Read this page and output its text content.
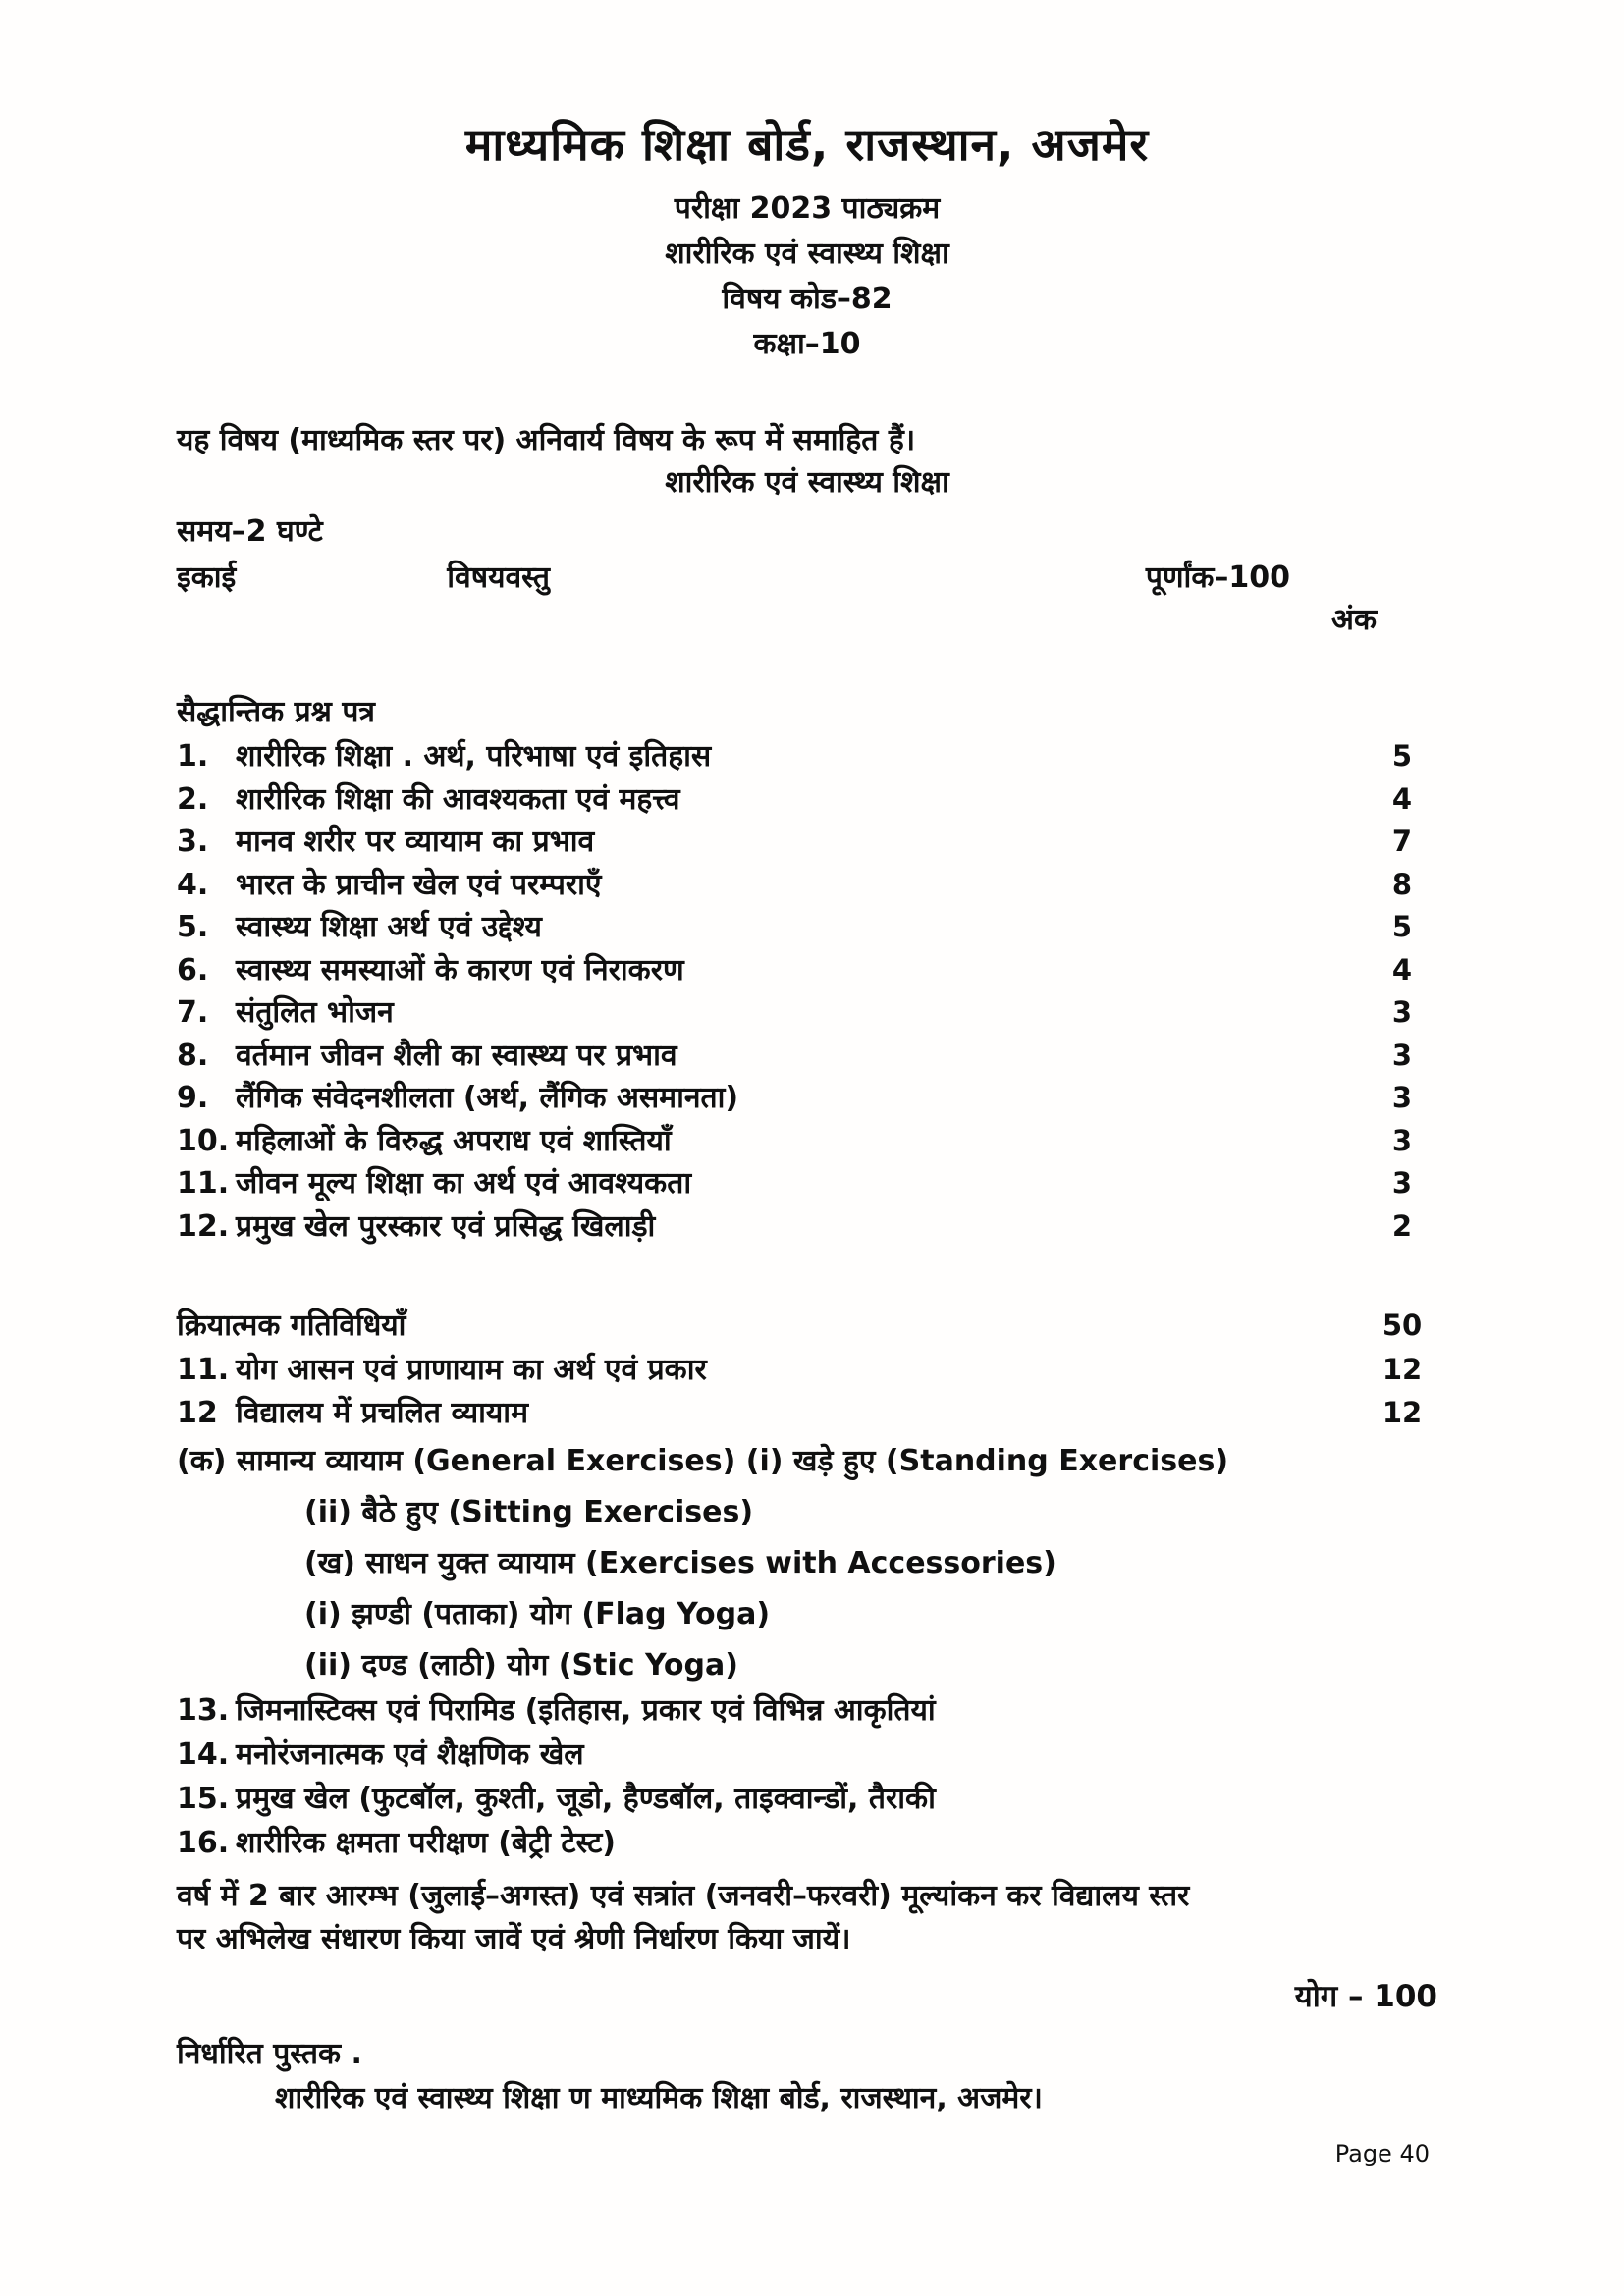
माध्यमिक शिक्षा बोर्ड, राजस्थान, अजमेर
परीक्षा 2023 पाठ्यक्रम
शारीरिक एवं स्वास्थ्य शिक्षा
विषय कोड–82
कक्षा–10
यह विषय (माध्यमिक स्तर पर) अनिवार्य विषय के रूप में समाहित हैं।
शारीरिक एवं स्वास्थ्य शिक्षा
समय–2 घण्टे
इकाई	विषयवस्तु	पूर्णांक–100
अंक
सैद्धान्तिक प्रश्न पत्र
1. शारीरिक शिक्षा . अर्थ, परिभाषा एवं इतिहास	5
2. शारीरिक शिक्षा की आवश्यकता एवं महत्त्व	4
3. मानव शरीर पर व्यायाम का प्रभाव	7
4. भारत के प्राचीन खेल एवं परम्पराएँ	8
5. स्वास्थ्य शिक्षा अर्थ एवं उद्देश्य	5
6. स्वास्थ्य समस्याओं के कारण एवं निराकरण	4
7. संतुलित भोजन	3
8. वर्तमान जीवन शैली का स्वास्थ्य पर प्रभाव	3
9. लैंगिक संवेदनशीलता (अर्थ, लैंगिक असमानता)	3
10. महिलाओं के विरुद्ध अपराध एवं शास्तियाँ	3
11. जीवन मूल्य शिक्षा का अर्थ एवं आवश्यकता	3
12. प्रमुख खेल पुरस्कार एवं प्रसिद्ध खिलाड़ी	2
क्रियात्मक गतिविधियाँ	50
11. योग आसन एवं प्राणायाम का अर्थ एवं प्रकार	12
12 विद्यालय में प्रचलित व्यायाम	12
(क) सामान्य व्यायाम (General Exercises) (i) खड़े हुए (Standing Exercises)
(ii) बैठे हुए (Sitting Exercises)
(ख) साधन युक्त व्यायाम (Exercises with Accessories)
(i) झण्डी (पताका) योग (Flag Yoga)
(ii) दण्ड (लाठी) योग (Stic Yoga)
13. जिमनास्टिक्स एवं पिरामिड (इतिहास, प्रकार एवं विभिन्न आकृतियां
14. मनोरंजनात्मक एवं शैक्षणिक खेल
15. प्रमुख खेल (फुटबॉल, कुश्ती, जूडो, हैण्डबॉल, ताइक्वान्डों, तैराकी
16. शारीरिक क्षमता परीक्षण (बेट्री टेस्ट)
वर्ष में 2 बार आरम्भ (जुलाई–अगस्त) एवं सत्रांत (जनवरी–फरवरी) मूल्यांकन कर विद्यालय स्तर
पर अभिलेख संधारण किया जावें एवं श्रेणी निर्धारण किया जायें।
योग – 100
निर्धारित पुस्तक .
शारीरिक एवं स्वास्थ्य शिक्षा ण माध्यमिक शिक्षा बोर्ड, राजस्थान, अजमेर।
Page 40
